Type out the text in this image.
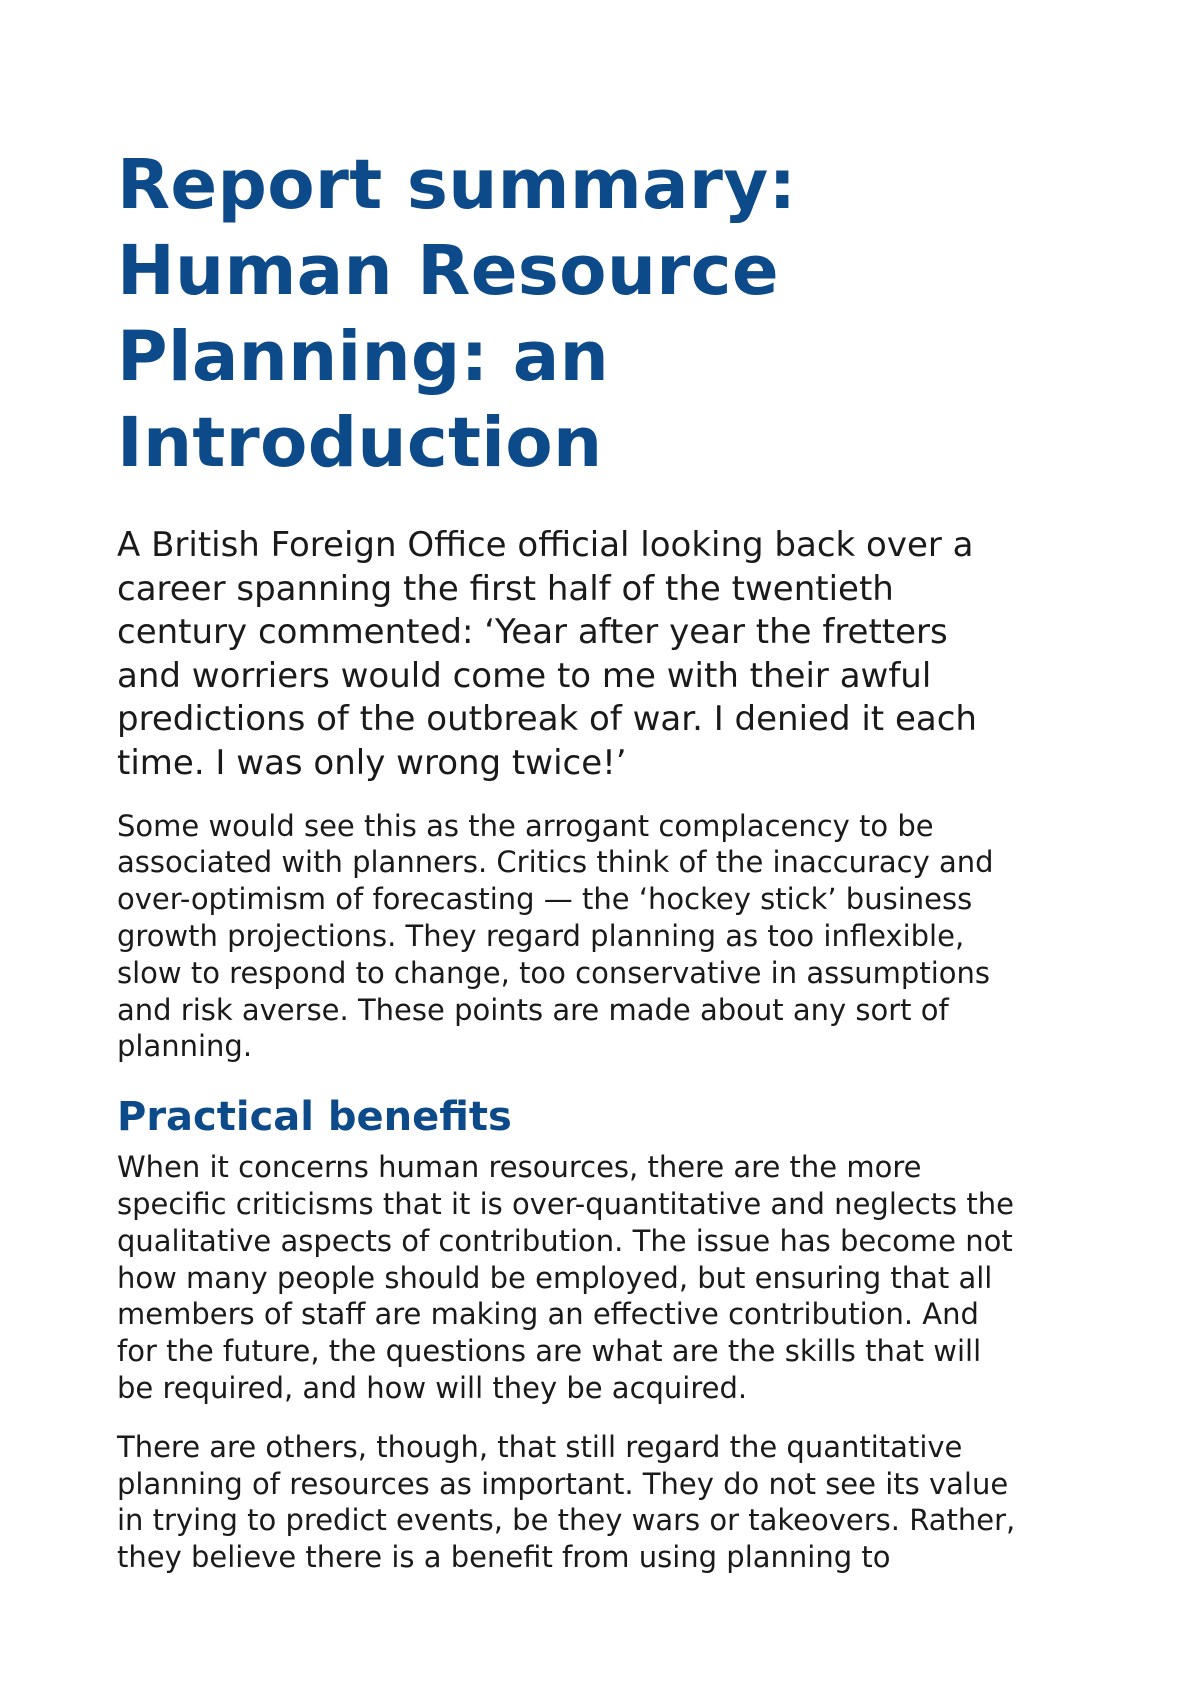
Report summary:
Human Resource
Planning: an
Introduction

A British Foreign Office official looking back over a
career spanning the first half of the twentieth
century commented: ‘Year after year the fretters
and worriers would come to me with their awful
predictions of the outbreak of war. I denied it each
time. I was only wrong twice!’

Some would see this as the arrogant complacency to be
associated with planners. Critics think of the inaccuracy and
over-optimism of forecasting — the ‘hockey stick’ business
growth projections. They regard planning as too inflexible,
slow to respond to change, too conservative in assumptions
and risk averse. These points are made about any sort of
planning.

Practical benefits

When it concerns human resources, there are the more
specific criticisms that it is over-quantitative and neglects the
qualitative aspects of contribution. The issue has become not
how many people should be employed, but ensuring that all
members of staff are making an effective contribution. And
for the future, the questions are what are the skills that will
be required, and how will they be acquired.

There are others, though, that still regard the quantitative
planning of resources as important. They do not see its value
in trying to predict events, be they wars or takeovers. Rather,
they believe there is a benefit from using planning to
